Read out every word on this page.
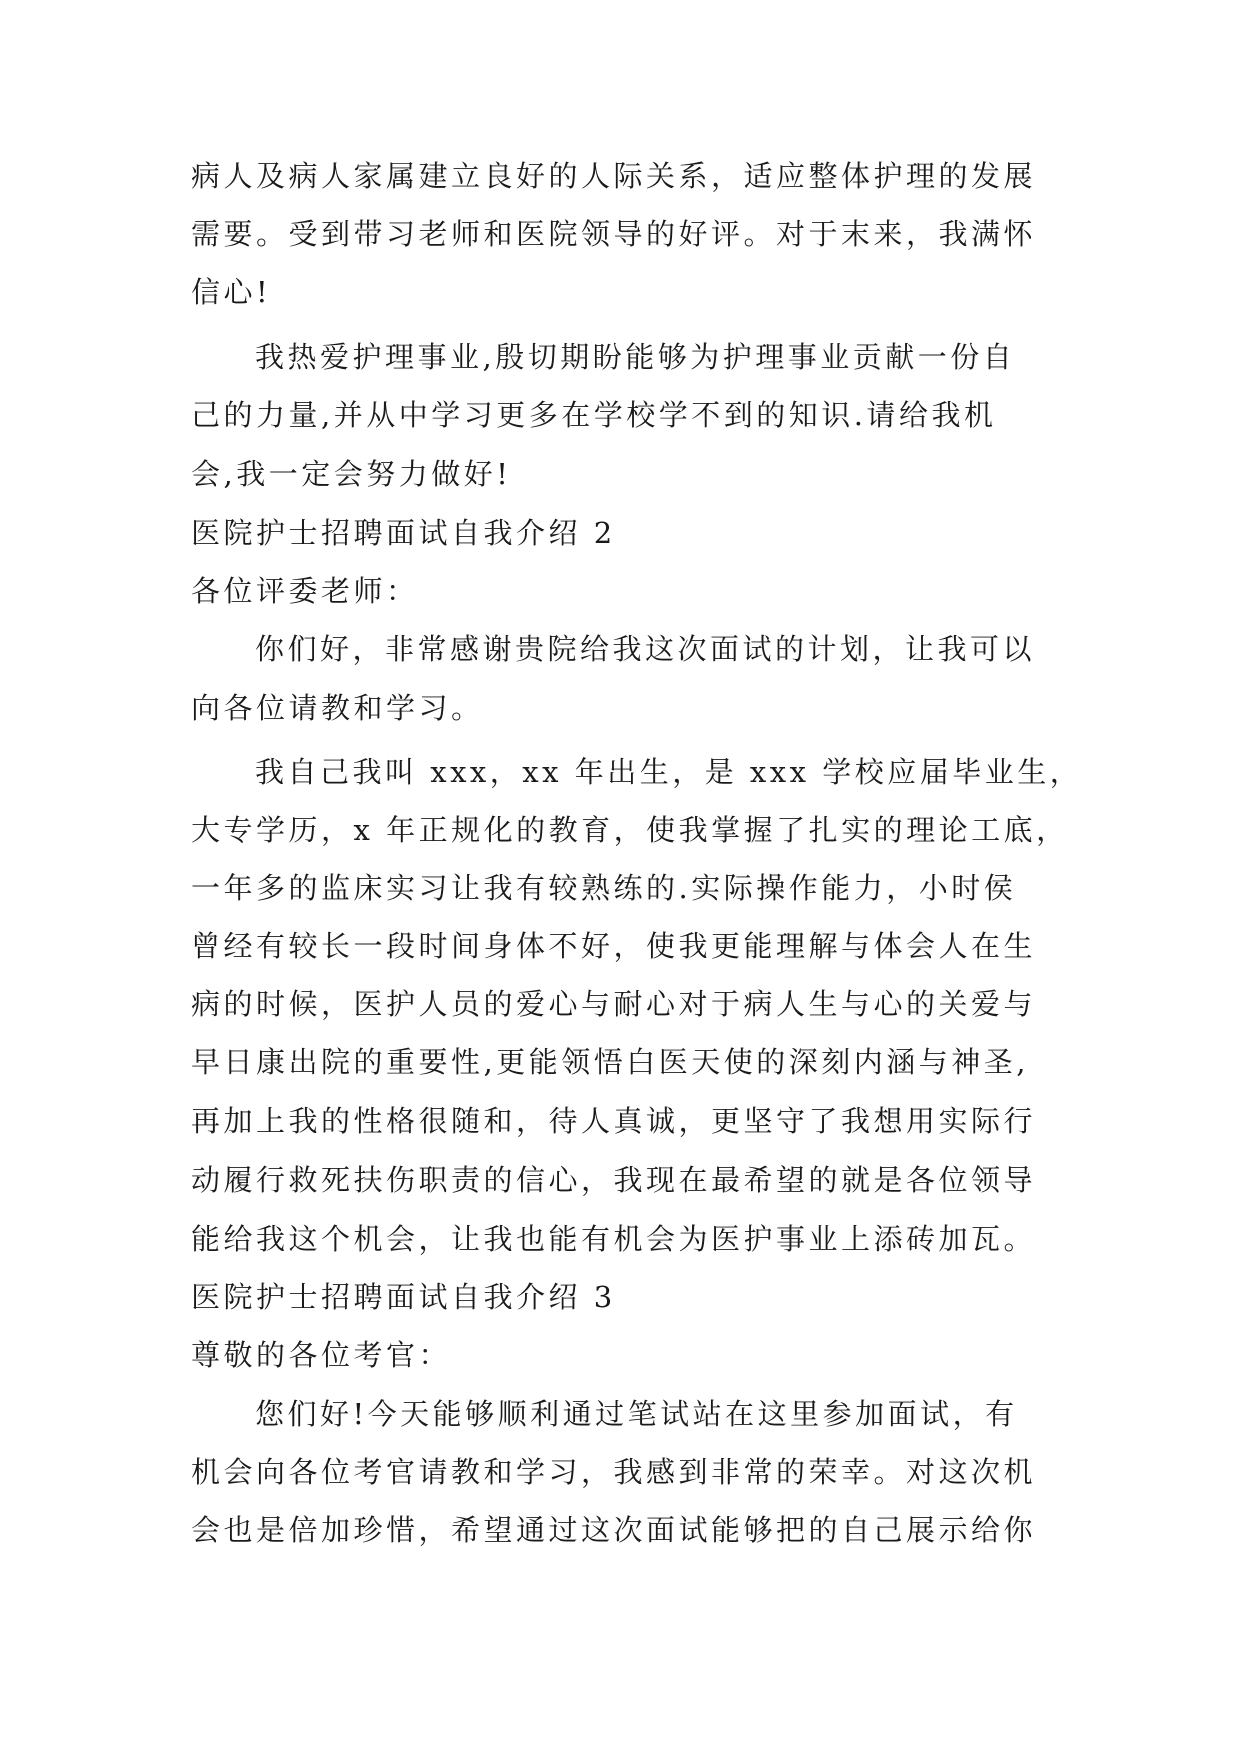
病人及病人家属建立良好的人际关系，适应整体护理的发展

需要。受到带习老师和医院领导的好评。对于末来，我满怀

信心!

我热爱护理事业,殷切期盼能够为护理事业贡献一份自

己的力量,并从中学习更多在学校学不到的知识.请给我机

会,我一定会努力做好!

医院护士招聘面试自我介绍 2

各位评委老师：

你们好，非常感谢贵院给我这次面试的计划，让我可以

向各位请教和学习。

我自己我叫 xxx，xx 年出生，是 xxx 学校应届毕业生，

大专学历，x 年正规化的教育，使我掌握了扎实的理论工底，

一年多的监床实习让我有较熟练的.实际操作能力，小时侯

曾经有较长一段时间身体不好，使我更能理解与体会人在生

病的时候，医护人员的爱心与耐心对于病人生与心的关爱与

早日康出院的重要性,更能领悟白医天使的深刻内涵与神圣,

再加上我的性格很随和，待人真诚，更坚守了我想用实际行

动履行救死扶伤职责的信心，我现在最希望的就是各位领导

能给我这个机会，让我也能有机会为医护事业上添砖加瓦。

医院护士招聘面试自我介绍 3

尊敬的各位考官：

您们好!今天能够顺利通过笔试站在这里参加面试，有

机会向各位考官请教和学习，我感到非常的荣幸。对这次机

会也是倍加珍惜，希望通过这次面试能够把的自己展示给你
